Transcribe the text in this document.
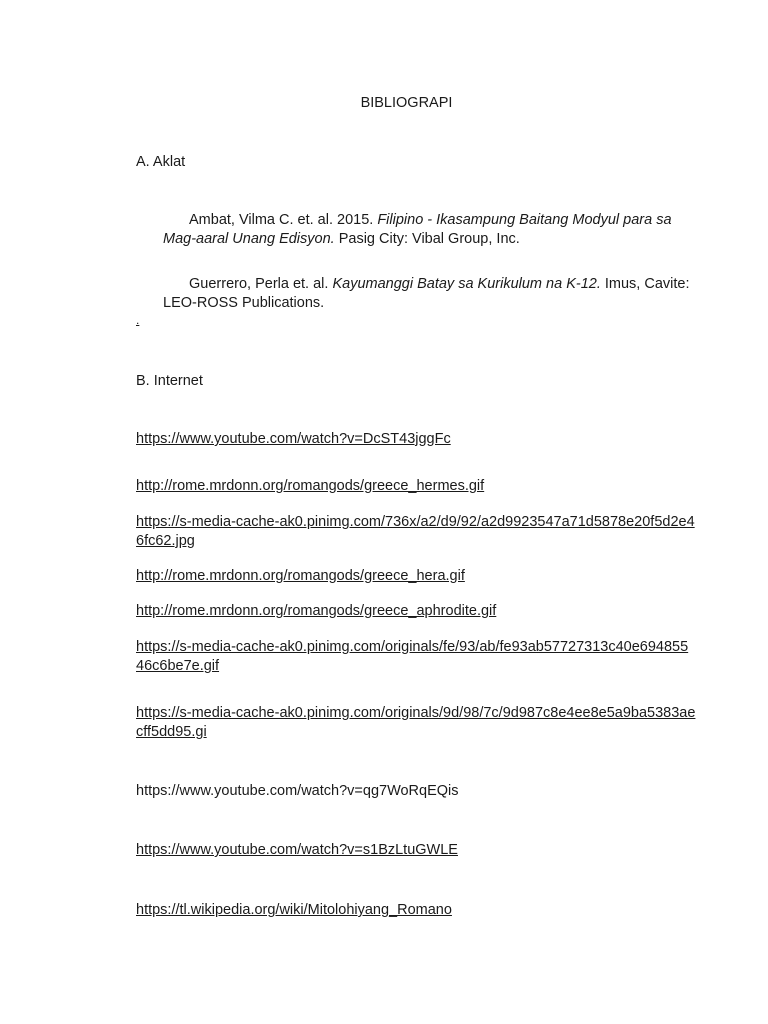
BIBLIOGRAPI
A. Aklat

Ambat, Vilma C. et. al. 2015. Filipino - Ikasampung Baitang Modyul para sa Mag-aaral Unang Edisyon. Pasig City: Vibal Group, Inc.

Guerrero, Perla et. al. Kayumanggi Batay sa Kurikulum na K-12. Imus, Cavite: LEO-ROSS Publications.

.
B. Internet
https://www.youtube.com/watch?v=DcST43jggFc
http://rome.mrdonn.org/romangods/greece_hermes.gif
https://s-media-cache-ak0.pinimg.com/736x/a2/d9/92/a2d9923547a71d5878e20f5d2e46fc62.jpg
http://rome.mrdonn.org/romangods/greece_hera.gif
http://rome.mrdonn.org/romangods/greece_aphrodite.gif
https://s-media-cache-ak0.pinimg.com/originals/fe/93/ab/fe93ab57727313c40e69485546c6be7e.gif
https://s-media-cache-ak0.pinimg.com/originals/9d/98/7c/9d987c8e4ee8e5a9ba5383aecff5dd95.gi
https://www.youtube.com/watch?v=qg7WoRqEQis
https://www.youtube.com/watch?v=s1BzLtuGWLE
https://tl.wikipedia.org/wiki/Mitolohiyang_Romano
